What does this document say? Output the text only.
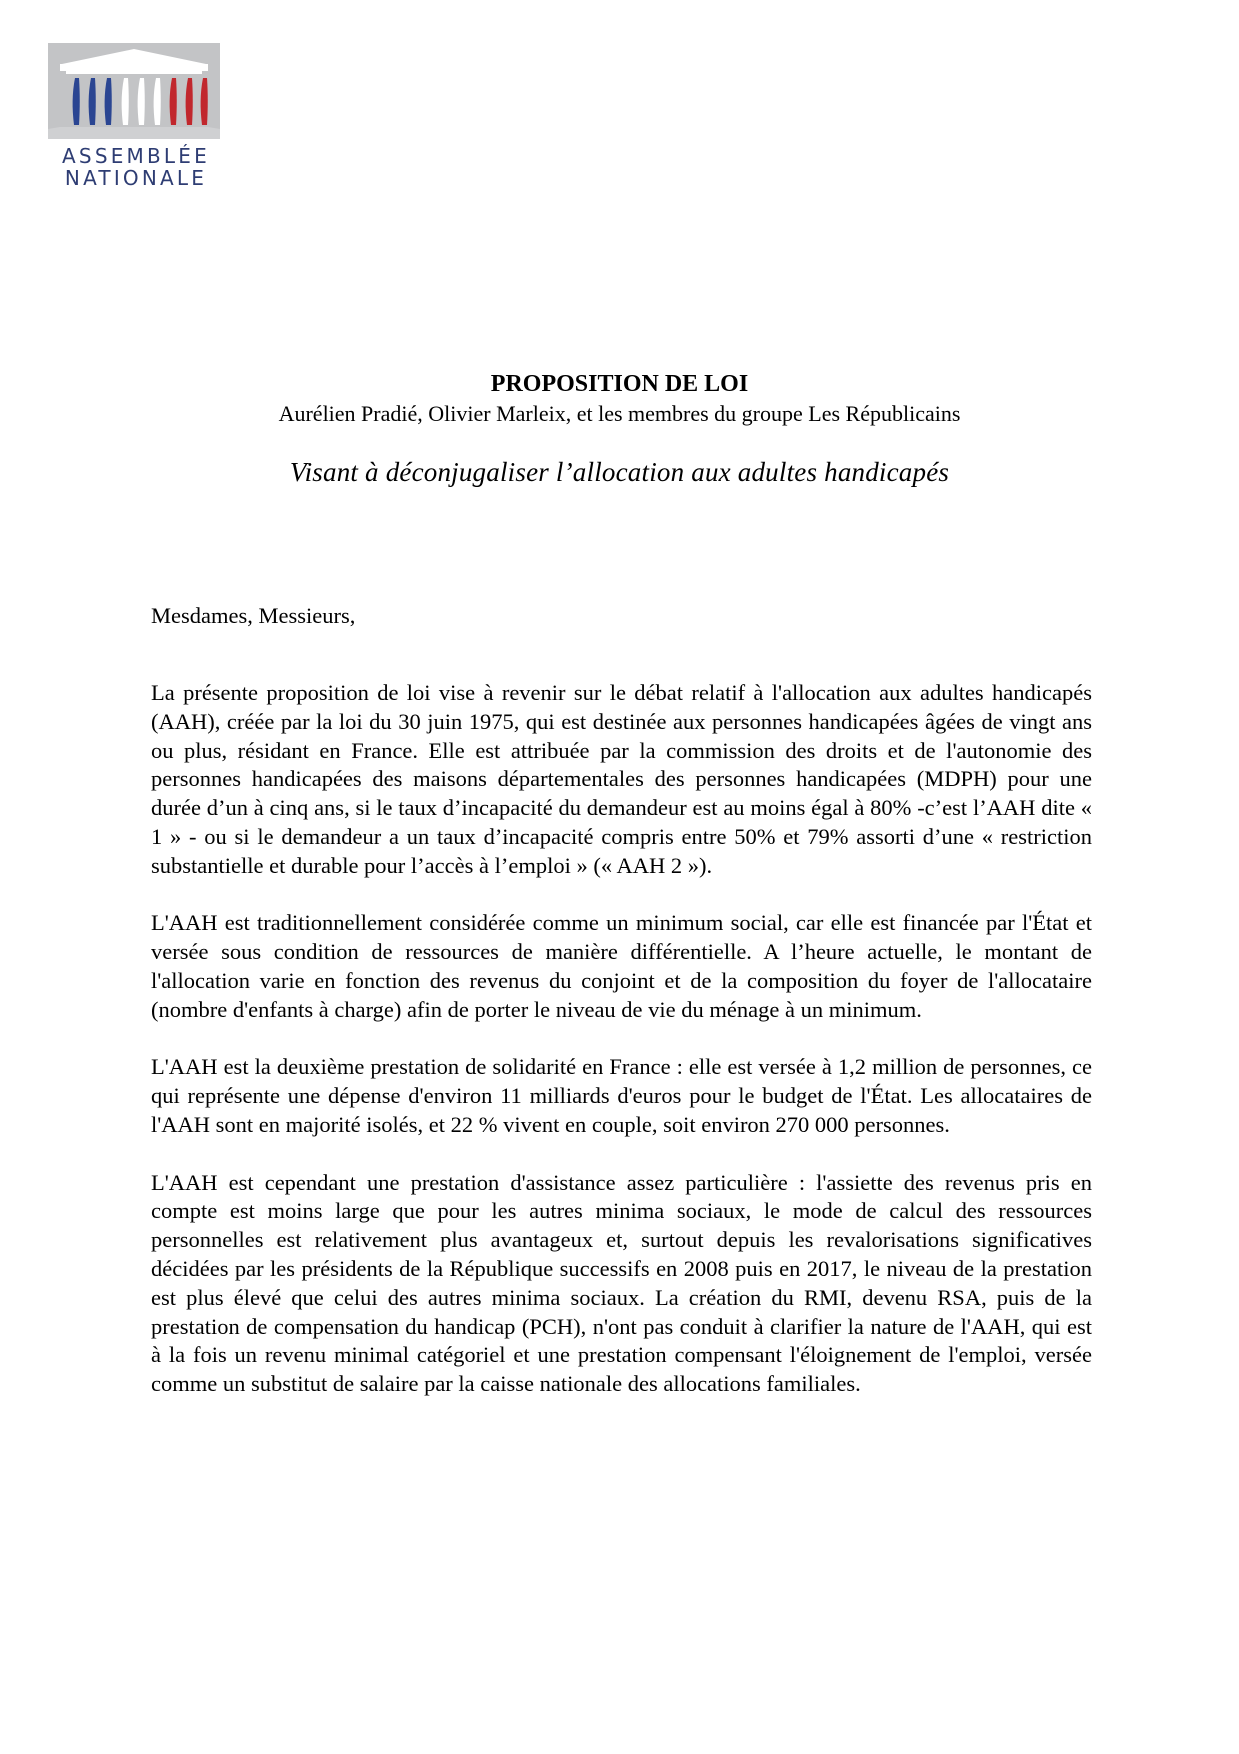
ASSEMBLÉE
NATIONALE
PROPOSITION DE LOI
Aurélien Pradié, Olivier Marleix, et les membres du groupe Les Républicains
Visant à déconjugaliser l’allocation aux adultes handicapés
Mesdames, Messieurs,

La présente proposition de loi vise à revenir sur le débat relatif à l'allocation aux adultes handicapés (AAH), créée par la loi du 30 juin 1975, qui est destinée aux personnes handicapées âgées de vingt ans ou plus, résidant en France. Elle est attribuée par la commission des droits et de l'autonomie des personnes handicapées des maisons départementales des personnes handicapées (MDPH) pour une durée d’un à cinq ans, si le taux d’incapacité du demandeur est au moins égal à 80% -c’est l’AAH dite « 1 » - ou si le demandeur a un taux d’incapacité compris entre 50% et 79% assorti d’une « restriction substantielle et durable pour l’accès à l’emploi » (« AAH 2 »).

L'AAH est traditionnellement considérée comme un minimum social, car elle est financée par l'État et versée sous condition de ressources de manière différentielle. A l’heure actuelle, le montant de l'allocation varie en fonction des revenus du conjoint et de la composition du foyer de l'allocataire (nombre d'enfants à charge) afin de porter le niveau de vie du ménage à un minimum.

L'AAH est la deuxième prestation de solidarité en France : elle est versée à 1,2 million de personnes, ce qui représente une dépense d'environ 11 milliards d'euros pour le budget de l'État. Les allocataires de l'AAH sont en majorité isolés, et 22 % vivent en couple, soit environ 270 000 personnes.

L'AAH est cependant une prestation d'assistance assez particulière : l'assiette des revenus pris en compte est moins large que pour les autres minima sociaux, le mode de calcul des ressources personnelles est relativement plus avantageux et, surtout depuis les revalorisations significatives décidées par les présidents de la République successifs en 2008 puis en 2017, le niveau de la prestation est plus élevé que celui des autres minima sociaux. La création du RMI, devenu RSA, puis de la prestation de compensation du handicap (PCH), n'ont pas conduit à clarifier la nature de l'AAH, qui est à la fois un revenu minimal catégoriel et une prestation compensant l'éloignement de l'emploi, versée comme un substitut de salaire par la caisse nationale des allocations familiales.
